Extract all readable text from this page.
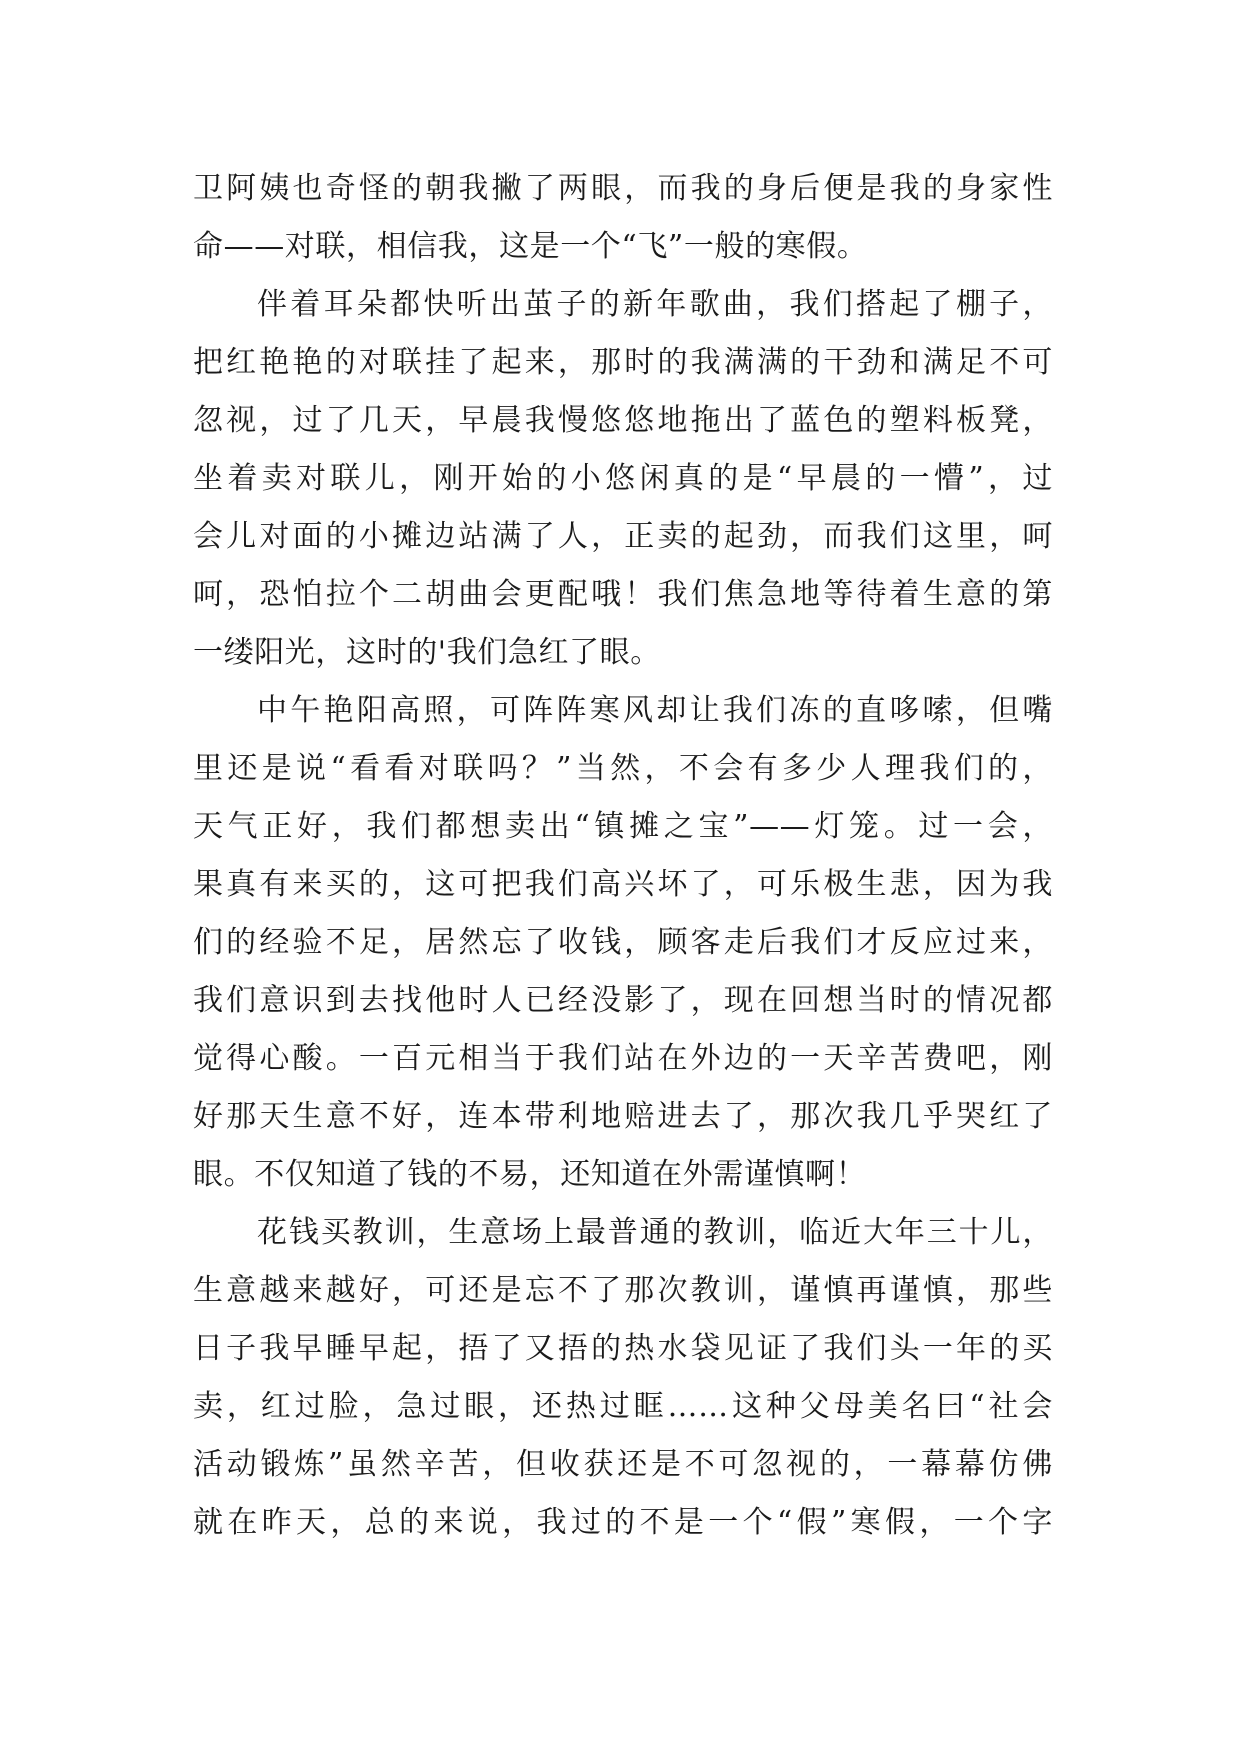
卫阿姨也奇怪的朝我撇了两眼，而我的身后便是我的身家性
命——对联，相信我，这是一个“飞”一般的寒假。
伴着耳朵都快听出茧子的新年歌曲，我们搭起了棚子，
把红艳艳的对联挂了起来，那时的我满满的干劲和满足不可
忽视，过了几天，早晨我慢悠悠地拖出了蓝色的塑料板凳，
坐着卖对联儿，刚开始的小悠闲真的是“早晨的一懵”，过
会儿对面的小摊边站满了人，正卖的起劲，而我们这里，呵
呵，恐怕拉个二胡曲会更配哦！我们焦急地等待着生意的第
一缕阳光，这时的'我们急红了眼。
中午艳阳高照，可阵阵寒风却让我们冻的直哆嗦，但嘴
里还是说“看看对联吗？”当然，不会有多少人理我们的，
天气正好，我们都想卖出“镇摊之宝”——灯笼。过一会，
果真有来买的，这可把我们高兴坏了，可乐极生悲，因为我
们的经验不足，居然忘了收钱，顾客走后我们才反应过来，
我们意识到去找他时人已经没影了，现在回想当时的情况都
觉得心酸。一百元相当于我们站在外边的一天辛苦费吧，刚
好那天生意不好，连本带利地赔进去了，那次我几乎哭红了
眼。不仅知道了钱的不易，还知道在外需谨慎啊！
花钱买教训，生意场上最普通的教训，临近大年三十儿，
生意越来越好，可还是忘不了那次教训，谨慎再谨慎，那些
日子我早睡早起，捂了又捂的热水袋见证了我们头一年的买
卖，红过脸，急过眼，还热过眶……这种父母美名曰“社会
活动锻炼”虽然辛苦，但收获还是不可忽视的，一幕幕仿佛
就在昨天，总的来说，我过的不是一个“假”寒假，一个字
